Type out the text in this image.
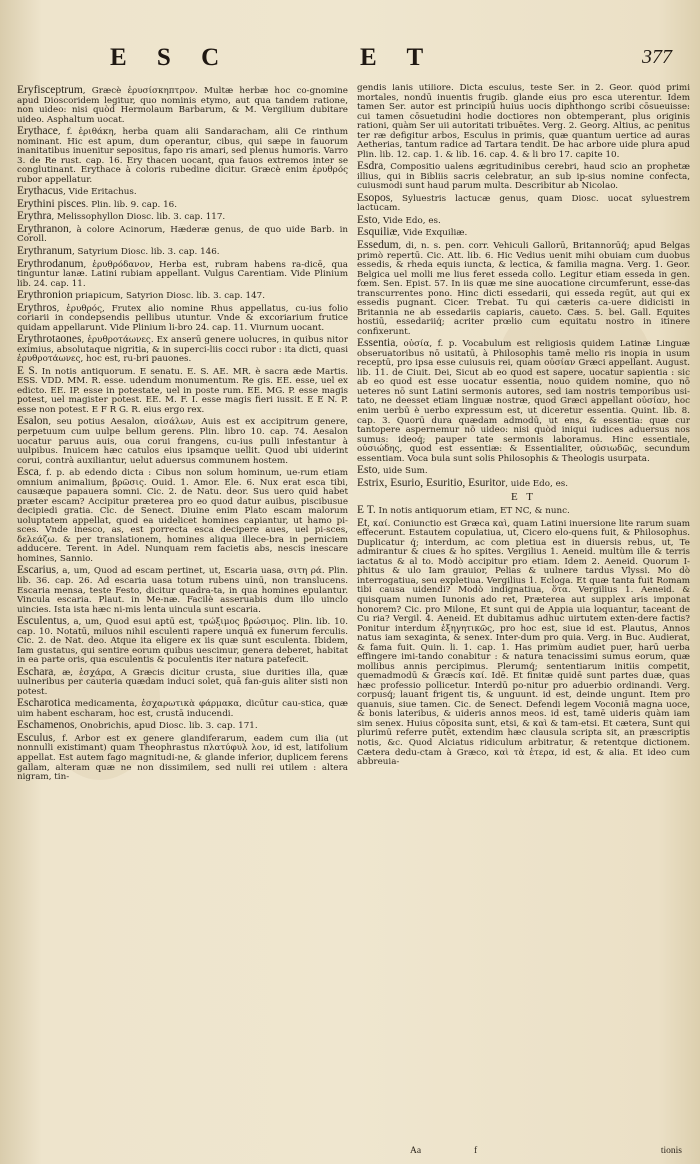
E S C	E T	377
Eryfisceptrum, Græcè ἐρυσίσκηπτρον. Multæ herbæ hoc co-gnomine apud Dioscoridem legitur, quo nominis etymo, aut qua tandem ratione, non uideo: nisi quòd Hermolaum Barbarum, & M. Vergilium dubitare uideo. Asphaltum uocat.
Erythace, f. ἐριθάκη, herba quam alii Sandaracham, alii Ce rinthum nominant. Hic est apum, dum operantur, cibus, qui sæpe in fauorum inanitatibus inuenitur sepositus, fapo ris amari, sed plenus humoris. Varro 3. de Re rust. cap. 16. Ery thacen uocant, qua fauos extremos inter se conglutinant. Erythace à coloris rubedine dicitur. Græcè enim ἐρυθρός rubor appellatur.
Erythacus, Vide Eritachus.
Erythini pisces. Plin. lib. 9. cap. 16.
Erythra, Melissophyllon Diosc. lib. 3. cap. 117.
Erythranon, à colore Acinorum, Hæderæ genus, de quo uide Barb. in Coroll.
Erythranum, Satyrium Diosc. lib. 3. cap. 146.
Erythrodanum, ἐρυθρόδανον, Herba est, rubram habens ra-dicē, qua tinguntur lanæ. Latini rubiam appellant. Vulgus Carentiam. Vide Plinium lib. 24. cap. 11.
Erythronion priapicum, Satyrion Diosc. lib. 3. cap. 147.
Erythros, ἐρυθρός, Frutex alio nomine Rhus appellatus, cu-ius folio coriarii in condepsendis pellibus utuntur. Vnde & excoriarium frutice quidam appellarunt. Vide Plinium li-bro 24. cap. 11. Viurnum uocant.
Erythrotaones, ἐρυθροτάωνες. Ex anserū genere uolucres, in quibus nitor eximius, absolutaque nigritia, & in superci-liis cocci rubor : ita dicti, quasi ἐρυθροτάωνες, hoc est, ru-bri pauones.
E S. In notis antiquorum. E senatu. E. S. AE. MR. è sacra æde Martis. ESS. VDD. MM. R. esse. udendum monumentum. Re gis. EE. esse, uel ex edicto. EE. IP. esse in potestate, uel in poste rum. EE. MG. P. esse magis potest, uel magister potest. EE. M. F. I. esse magis fieri iussit. E E N. P. esse non potest. E F R G. R. eius ergo rex.
Esalon, seu potius Aesalon, αἰσάλων, Auis est ex accipitrum genere, perpetuum cum uulpe bellum gerens. Plin. libro 10. cap. 74. Aesalon uocatur paruus auis, oua corui frangens, cu-ius pulli infestantur à uulpibus. Inuicem hæc catulos eius ipsamque uellit. Quod ubi uiderint corui, contrà auxiliantur, uelut aduersus communem hostem.
Esca, f. p. ab edendo dicta : Cibus non solum hominum, ue-rum etiam omnium animalium, βρῶσις. Ouid. 1. Amor. Ele. 6. Nux erat esca tibi, causæque papauera somni. Cic. 2. de Natu. deor. Sus uero quid habet præter escam? Accipitur præterea pro eo quod datur auibus, piscibusue decipiedi gratia. Cic. de Senect. Diuine enim Plato escam malorum uoluptatem appellat, quod ea uidelicet homines capiantur, ut hamo pi-sces. Vnde inesco, as, est porrecta esca decipere aues, uel pi-sces, δελεάζω. & per translationem, homines aliqua illece-bra in perniciem adducere. Terent. in Adel. Nunquam rem facietis abs, nescis inescare homines, Sannio.
Escarius, a, um, Quod ad escam pertinet, ut, Escaria uasa, σιτη ρά. Plin. lib. 36. cap. 26. Ad escaria uasa totum rubens uinū, non translucens. Escaria mensa, teste Festo, dicitur quadra-ta, in qua homines epulantur. Vincula escaria. Plaut. in Me-næ. Facilè asseruabis dum illo uinclo uincies. Ista ista hæc ni-mis lenta uincula sunt escaria.
Esculentus, a, um, Quod esui aptū est, τρώξιμος βρώσιμος. Plin. lib. 10. cap. 10. Notatū, miluos nihil esculenti rapere unquā ex funerum ferculis. Cic. 2. de Nat. deo. Atque ita eligere ex iis quæ sunt esculenta. Ibidem, Iam gustatus, qui sentire eorum quibus uescimur, genera deberet, habitat in ea parte oris, qua esculentis & poculentis iter natura patefecit.
Eschara, æ, ἐσχάρα, A Græcis dicitur crusta, siue durities illa, quæ uulneribus per cauteria quædam induci solet, quā fan-guis aliter sisti non potest.
Escharotica medicamenta, ἐσχαρωτικὰ φάρμακα, dicūtur cau-stica, quæ uim habent escharam, hoc est, crustā inducendi.
Eschamenos, Onobrichis, apud Diosc. lib. 3. cap. 171.
Esculus, f. Arbor est ex genere glandiferarum, eadem cum ilia (ut nonnulli existimant) quam Theophrastus πλατύφυλ λον, id est, latifolium appellat. Est autem fago magnitudi-ne, & glande inferior, duplicem ferens gallam, alteram quæ ne non dissimilem, sed nulli rei utilem : altera nigram, tin-
gendis lanis utiliore. Dicta esculus, teste Ser. in 2. Geor. quòd primi mortales, nondū inuentis frugib. glande eius pro esca uterentur. Idem tamen Ser. autor est principiū huius uocis diphthongo scribi cōsueuisse: cui tamen cōsuetudini hodie doctiores non obtemperant, plus originis rationi, quàm Ser uii autoritati tribuētes. Verg. 2. Georg. Altius, ac penitus ter ræ defigitur arbos, Esculus in primis, quæ quantum uertice ad auras Aetherias, tantum radice ad Tartara tendit. De hac arbore uide plura apud Plin. lib. 12. cap. 1. & lib. 16. cap. 4. & li bro 17. capite 10.
Esdra, Compositio ualens ægritudinibus cerebri, haud scio an prophetæ illius, qui in Bibliis sacris celebratur, an sub ip-sius nomine confecta, cuiusmodi sunt haud parum multa. Describitur ab Nicolao.
Esopos, Syluestris lactucæ genus, quam Diosc. uocat syluestrem lactucam.
Esto, Vide Edo, es.
Esquiliæ, Vide Exquiliæ.
Essedum, di, n. s. pen. corr. Vehiculi Gallorū, Britannorūq́; apud Belgas primò repertū. Cic. Att. lib. 6. Hic Vedius uenit mihi obuiam cum duobus essedis, & rheda equis iuncta, & lectica, & familia magna. Verg. 1. Geor. Belgica uel molli me lius feret esseda collo. Legitur etiam esseda in gen. fœm. Sen. Epist. 57. In iis quæ me sine auocatione circumferunt, esse-das transcurrentes pono. Hinc dicti essedarii, qui esseda regūt, aut qui ex essedis pugnant. Cicer. Trebat. Tu qui cæteris ca-uere didicisti in Britannia ne ab essedariis capiaris, caueto. Cæs. 5. bel. Gall. Equites hostiū, essedariiq́; acriter prœlio cum equitatu nostro in itinere confixerunt.
Essentia, οὐσία, f. p. Vocabulum est religiosis quidem Latinæ Linguæ obseruatoribus nō usitatū, à Philosophis tamē melio ris inopia in usum receptū, pro ipsa esse cuiusuis rei, quam οὐσίαν Græci appellant. August. lib. 11. de Ciuit. Dei, Sicut ab eo quod est sapere, uocatur sapientia : sic ab eo quod est esse uocatur essentia, nouo quidem nomine, quo nō ueteres nō sunt Latini sermonis autores, sed iam nostris temporibus usi-tato, ne deesset etiam linguæ nostræ, quod Græci appellant οὐσίαν, hoc enim uerbū è uerbo expressum est, ut diceretur essentia. Quint. lib. 8. cap. 3. Quorū dura quædam admodū, ut ens, & essentia: quæ cur tantopere aspernemur nō uideo: nisi quòd iniqui iudices aduersus nos sumus: ideoq́; pauper tate sermonis laboramus. Hinc essentiale, οὐσιώδης, quod est essentiæ: & Essentialiter, οὐσιωδῶς, secundum essentiam. Voca bula sunt solis Philosophis & Theologis usurpata.
Esto, uide Sum.
Estrix, Esurio, Esuritio, Esuritor, uide Edo, es.
E T
E T. In notis antiquorum etiam, ET NC, & nunc.
Et, καί. Coniunctio est Græca καὶ, quam Latini inuersione lite rarum suam effecerunt. Estautem copulatiua, ut, Cicero elo-quens fuit, & Philosophus. Duplicatur q́; interdum, ac com pletiua est in diuersis rebus, ut, Te admirantur & ciues & ho spites. Vergilius 1. Aeneid. multùm ille & terris iactatus & al to. Modò accipitur pro etiam. Idem 2. Aeneid. Quorum I-phitus & ulo Iam grauior, Pelias & uulnere tardus Vlyssi. Mo dò interrogatiua, seu expletiua. Vergilius 1. Ecloga. Et quæ tanta fuit Romam tibi causa uidendi? Modò indignatiua, ὅτα. Vergilius 1. Aeneid. & quisquam numen Iunonis ado ret, Præterea aut supplex aris imponat honorem? Cic. pro Milone, Et sunt qui de Appia uia loquantur, taceant de Cu ria? Vergil. 4. Aeneid. Et dubitamus adhuc uirtutem exten-dere factis? Ponitur interdum ἐξηγητικῶς, pro hoc est, siue id est. Plautus, Annos natus iam sexaginta, & senex. Inter-dum pro quia. Verg. in Buc. Audierat, & fama fuit. Quin. li. 1. cap. 1. Has primùm audiet puer, harū uerba effingere imi-tando conabitur : & natura tenacissimi sumus eorum, quæ mollibus annis percipimus. Plerumq́; sententiarum initiis competit, quemadmodū & Græcis καί. Idē. Et finitæ quidē sunt partes duæ, quas hæc professio pollicetur. Interdū po-nitur pro aduerbio ordinandi. Verg. corpusq́; lauant frigent tis, & unguunt. id est, deinde ungunt. Item pro quanuis, siue tamen. Cic. de Senect. Defendi legem Voconiā magna uoce, & bonis lateribus, & uideris annos meos. id est, tamē uideris quàm iam sim senex. Huius cōposita sunt, etsi, & καὶ & tam-etsi. Et cætera, Sunt qui plurimū referre putēt, extendim hæc clausula scripta sit, an præscriptis notis, &c. Quod Alciatus ridiculum arbitratur, & retentque dictionem. Cætera dedu-ctam à Græco, καὶ τὰ ἑτερα, id est, & alia. Et ideo cum abbreuia-
Aa	f	tionis
